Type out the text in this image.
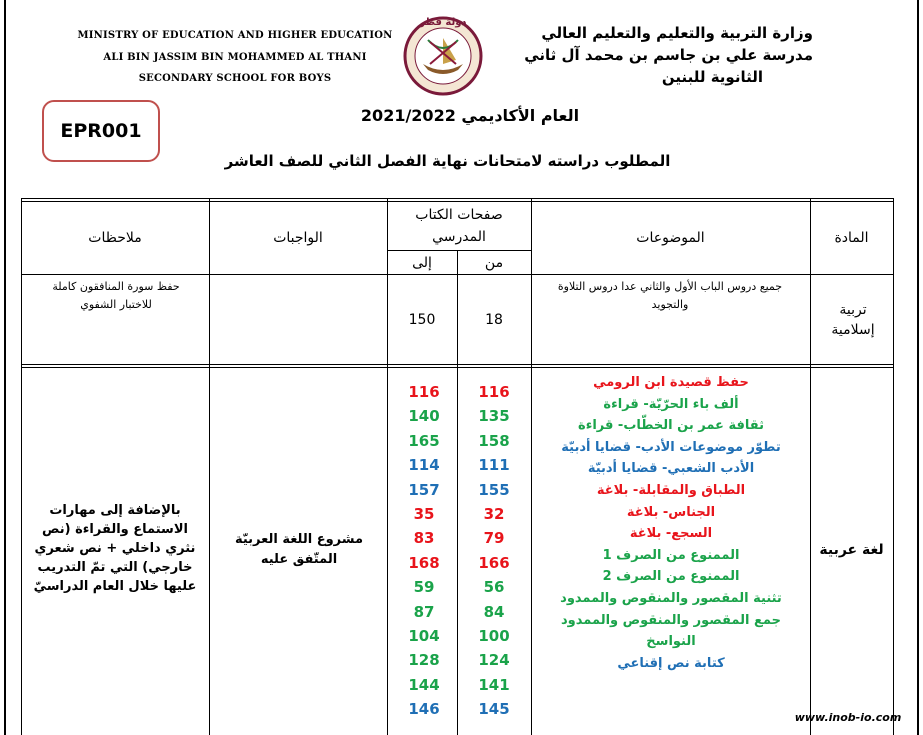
MINISTRY OF EDUCATION AND HIGHER EDUCATION
ALI BIN JASSIM BIN MOHAMMED AL THANI
SECONDARY SCHOOL FOR BOYS
دولة قطر
وزارة التربية والتعليم والتعليم العالي
مدرسة علي بن جاسم بن محمد آل ثاني
الثانوية للبنين
EPR001
العام الأكاديمي 2021/2022
المطلوب دراسته لامتحانات نهاية الفصل الثاني للصف العاشر
المادة
الموضوعات
صفحات الكتاب المدرسي
من
إلى
الواجبات
ملاحظات
تربية إسلامية
جميع دروس الباب الأول والثاني عدا دروس التلاوة والتجويد
18
150
حفظ سورة المنافقون كاملة للاختبار الشفوي
لغة عربية
حفظ قصيدة ابن الرومي
ألف باء الحرّيّة- قراءة
ثقافة عمر بن الخطّاب- قراءة
تطوّر موضوعات الأدب- قضايا أدبيّة
الأدب الشعبي- قضايا أدبيّة
الطباق والمقابلة- بلاغة
الجناس- بلاغة
السجع- بلاغة
الممنوع من الصرف 1
الممنوع من الصرف 2
تثنية المقصور والمنقوص والممدود
جمع المقصور والمنقوص والممدود
النواسخ
كتابة نص إقناعي
116
135
158
111
155
32
79
166
56
84
100
124
141
145
116
140
165
114
157
35
83
168
59
87
104
128
144
146
مشروع اللغة العربيّة المتّفق عليه
بالإضافة إلى مهارات الاستماع والقراءة (نص نثري داخلي + نص شعري خارجي) التي تمّ التدريب عليها خلال العام الدراسيّ
www.inob-io.com
